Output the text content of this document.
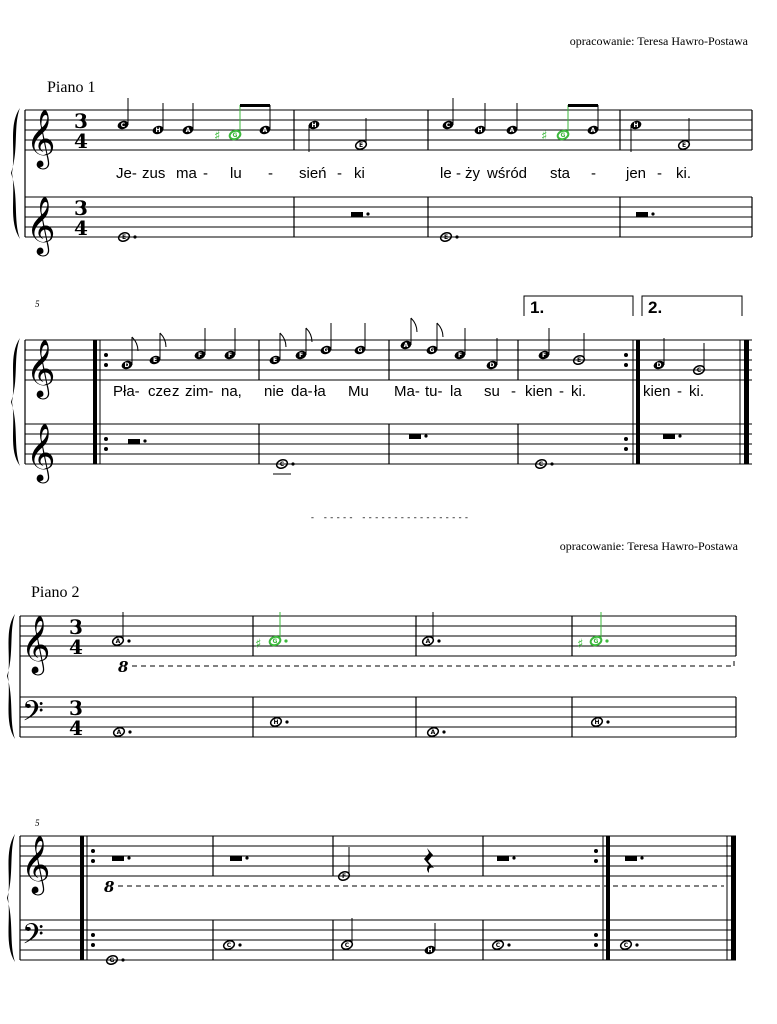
opracowanie: Teresa Hawro-Postawa
Piano 1
𝄞
𝄞
3
4
3
4
C
H	A ♯ G
A
H
E
C
H	A ♯ G
A
H
E
Je- zus ma - lu - sień - ki	le - ży wśród sta - jen - ki.
E	E
5
𝄞
𝄞
1.	2.
D
E
F	F
E
F
G	G
A
G
F
D
F
E
D
C
Pła- cze z zim- na, nie da- ła Mu Ma- tu- la su - kien - ki.	kien - ki.
C	C
- ----- -----------------
opracowanie: Teresa Hawro-Postawa
Piano 2
𝄞
𝄢
3
4
3
4
8
A	♯ G	A	♯ G
A
H
A
H
5
𝄞
𝄢
8
F
G
C	C
H
C	C
